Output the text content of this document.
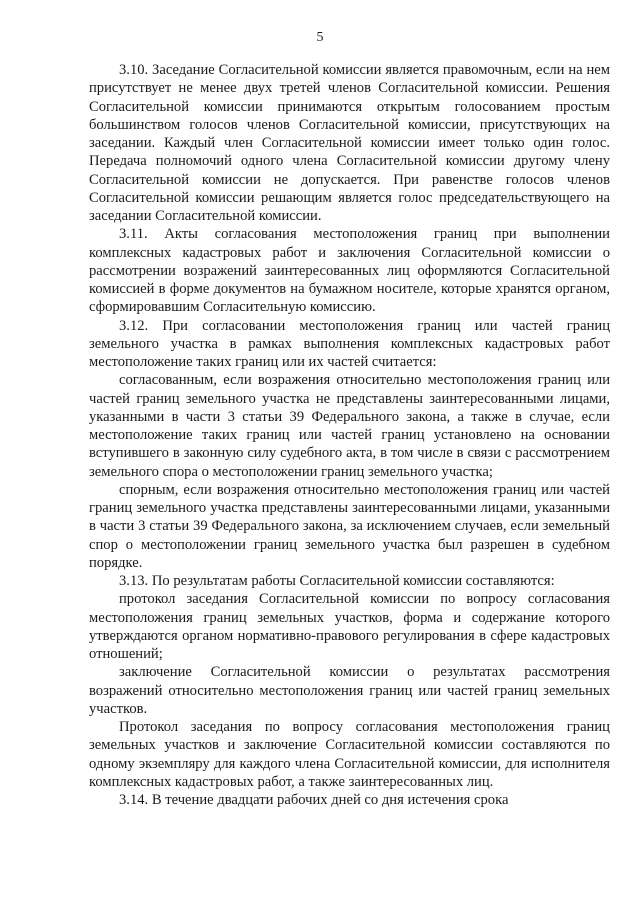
5

3.10. Заседание Согласительной комиссии является правомочным, если на нем присутствует не менее двух третей членов Согласительной комиссии. Решения Согласительной комиссии принимаются открытым голосованием простым большинством голосов членов Согласительной комиссии, присутствующих на заседании. Каждый член Согласительной комиссии имеет только один голос. Передача полномочий одного члена Согласительной комиссии другому члену Согласительной комиссии не допускается. При равенстве голосов членов Согласительной комиссии решающим является голос председательствующего на заседании Согласительной комиссии.

3.11. Акты согласования местоположения границ при выполнении комплексных кадастровых работ и заключения Согласительной комиссии о рассмотрении возражений заинтересованных лиц оформляются Согласительной комиссией в форме документов на бумажном носителе, которые хранятся органом, сформировавшим Согласительную комиссию.

3.12. При согласовании местоположения границ или частей границ земельного участка в рамках выполнения комплексных кадастровых работ местоположение таких границ или их частей считается:

согласованным, если возражения относительно местоположения границ или частей границ земельного участка не представлены заинтересованными лицами, указанными в части 3 статьи 39 Федерального закона, а также в случае, если местоположение таких границ или частей границ установлено на основании вступившего в законную силу судебного акта, в том числе в связи с рассмотрением земельного спора о местоположении границ земельного участка;

спорным, если возражения относительно местоположения границ или частей границ земельного участка представлены заинтересованными лицами, указанными в части 3 статьи 39 Федерального закона, за исключением случаев, если земельный спор о местоположении границ земельного участка был разрешен в судебном порядке.

3.13. По результатам работы Согласительной комиссии составляются:

протокол заседания Согласительной комиссии по вопросу согласования местоположения границ земельных участков, форма и содержание которого утверждаются органом нормативно-правового регулирования в сфере кадастровых отношений;

заключение Согласительной комиссии о результатах рассмотрения возражений относительно местоположения границ или частей границ земельных участков.

Протокол заседания по вопросу согласования местоположения границ земельных участков и заключение Согласительной комиссии составляются по одному экземпляру для каждого члена Согласительной комиссии, для исполнителя комплексных кадастровых работ, а также заинтересованных лиц.

3.14. В течение двадцати рабочих дней со дня истечения срока
